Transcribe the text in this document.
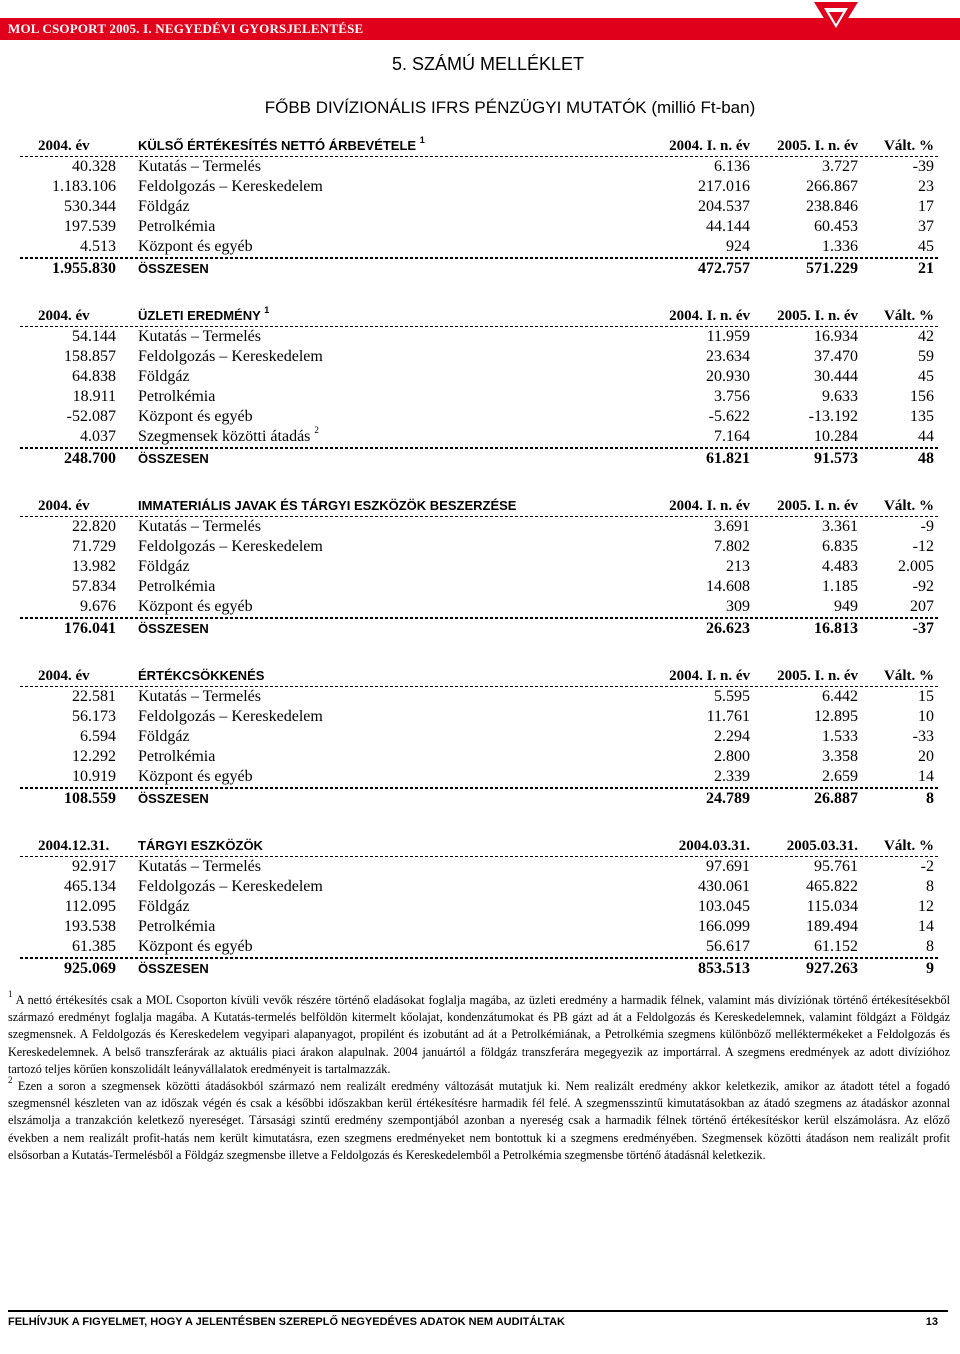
MOL CSOPORT 2005. I. NEGYEDÉVI GYORSJELENTÉSE
5. SZÁMÚ MELLÉKLET
FŐBB DIVÍZIONÁLIS IFRS PÉNZÜGYI MUTATÓK (millió Ft-ban)
2004. év	KÜLSŐ ÉRTÉKESÍTÉS NETTÓ ÁRBEVÉTELE $^1$	2004. I. n. év 2005. I. n. év Vált. %
40.328 Kutatás – Termelés	6.136	3.727	-39
1.183.106 Feldolgozás – Kereskedelem	217.016	266.867	23
530.344 Földgáz	204.537	238.846	17
197.539 Petrolkémia	44.144	60.453	37
4.513 Központ és egyéb	924	1.336	45
1.955.830 ÖSSZESEN	472.757	571.229	21
2004. év	ÜZLETI EREDMÉNY $^1$	2004. I. n. év 2005. I. n. év Vált. %
54.144 Kutatás – Termelés	11.959	16.934	42
158.857 Feldolgozás – Kereskedelem	23.634	37.470	59
64.838 Földgáz	20.930	30.444	45
18.911 Petrolkémia	3.756	9.633	156
-52.087 Központ és egyéb	-5.622	-13.192	135
4.037 Szegmensek közötti átadás $^2$	7.164	10.284	44
248.700 ÖSSZESEN	61.821	91.573	48
2004. év	IMMATERIÁLIS JAVAK ÉS TÁRGYI ESZKÖZÖK BESZERZÉSE	2004. I. n. év 2005. I. n. év Vált. %
22.820 Kutatás – Termelés	3.691	3.361	-9
71.729 Feldolgozás – Kereskedelem	7.802	6.835	-12
13.982 Földgáz	213	4.483	2.005
57.834 Petrolkémia	14.608	1.185	-92
9.676 Központ és egyéb	309	949	207
176.041 ÖSSZESEN	26.623	16.813	-37
2004. év	ÉRTÉKCSÖKKENÉS	2004. I. n. év 2005. I. n. év Vált. %
22.581 Kutatás – Termelés	5.595	6.442	15
56.173 Feldolgozás – Kereskedelem	11.761	12.895	10
6.594 Földgáz	2.294	1.533	-33
12.292 Petrolkémia	2.800	3.358	20
10.919 Központ és egyéb	2.339	2.659	14
108.559 ÖSSZESEN	24.789	26.887	8
2004.12.31. TÁRGYI ESZKÖZÖK	2004.03.31. 2005.03.31. Vált. %
92.917 Kutatás – Termelés	97.691	95.761	-2
465.134 Feldolgozás – Kereskedelem	430.061	465.822	8
112.095 Földgáz	103.045	115.034	12
193.538 Petrolkémia	166.099	189.494	14
61.385 Központ és egyéb	56.617	61.152	8
925.069 ÖSSZESEN	853.513	927.263	9

$^1$ A nettó értékesítés csak a MOL Csoporton kívüli vevők részére történő eladásokat foglalja magába, az üzleti eredmény a harmadik félnek, valamint más divíziónak történő értékesítésekből származó eredményt foglalja magába. A Kutatás-termelés belföldön kitermelt kőolajat, kondenzátumokat és PB gázt ad át a Feldolgozás és Kereskedelemnek, valamint földgázt a Földgáz szegmensnek. A Feldolgozás és Kereskedelem vegyipari alapanyagot, propilént és izobutánt ad át a Petrolkémiának, a Petrolkémia szegmens különböző melléktermékeket a Feldolgozás és Kereskedelemnek. A belső transzferárak az aktuális piaci árakon alapulnak. 2004 januártól a földgáz transzferára megegyezik az importárral. A szegmens eredmények az adott divízióhoz tartozó teljes körűen konszolidált leányvállalatok eredményeit is tartalmazzák.

$^2$ Ezen a soron a szegmensek közötti átadásokból származó nem realizált eredmény változását mutatjuk ki. Nem realizált eredmény akkor keletkezik, amikor az átadott tétel a fogadó szegmensnél készleten van az időszak végén és csak a későbbi időszakban kerül értékesítésre harmadik fél felé. A szegmensszintű kimutatásokban az átadó szegmens az átadáskor azonnal elszámolja a tranzakción keletkező nyereséget. Társasági szintű eredmény szempontjából azonban a nyereség csak a harmadik félnek történő értékesítéskor kerül elszámolásra. Az előző években a nem realizált profit-hatás nem került kimutatásra, ezen szegmens eredményeket nem bontottuk ki a szegmens eredményében. Szegmensek közötti átadáson nem realizált profit elsősorban a Kutatás-Termelésből a Földgáz szegmensbe illetve a Feldolgozás és Kereskedelemből a Petrolkémia szegmensbe történő átadásnál keletkezik.

FELHÍVJUK A FIGYELMET, HOGY A JELENTÉSBEN SZEREPLŐ NEGYEDÉVES ADATOK NEM AUDITÁLTAK	13
